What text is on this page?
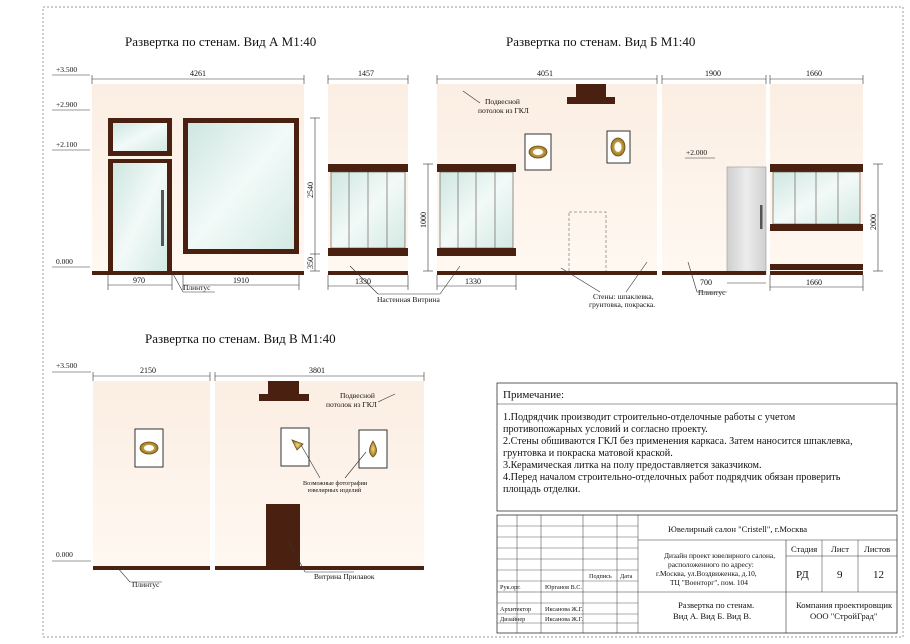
Развертка по стенам. Вид А М1:40	Развертка по стенам. Вид Б М1:40
Развертка по стенам. Вид В М1:40
+3.500
+2.900
+2.100
0.000
+2.000
+3.500
0.000
4261	1457	4051	1900	1660
970	1910	1330	1330	700	1660
2150	3801
2540
350
1000	2000
Плинтус
Настенная Витрина
Подвесной
потолок из ГКЛ
Стены: шпаклевка,
грунтовка, покраска.
Плинтус
Подвесной
потолок из ГКЛ
Возможные фотографии
ювелирных изделий
Витрина Прилавок
Плинтус
Примечание:
1.Подрядчик производит строительно-отделочные работы с учетом
противопожарных условий и согласно проекту.
2.Стены обшиваются ГКЛ без применения каркаса. Затем наносится шпаклевка,
грунтовка и покраска матовой краской.
3.Керамическая литка на полу предоставляется заказчиком.
4.Перед началом строительно-отделочных работ подрядчик обязан проверить
площадь отделки.
Ювелирный салон "Cristell", г.Москва
Дизайн проект ювелирного салона,
расположенного по адресу:
г.Москва, ул.Воздвиженка, д.10,
ТЦ "Военторг", пом. 104
Стадия Лист Листов
РД	9	12
Развертка по стенам.
Вид А. Вид Б. Вид В.
Компания проектировщик
ООО "СтройГрад"
Подпись Дата
Рук.орг.	Юрганов В.С.
Архитектор Иксанова Ж.Г.
Дизайнер	Иксанова Ж.Г.
